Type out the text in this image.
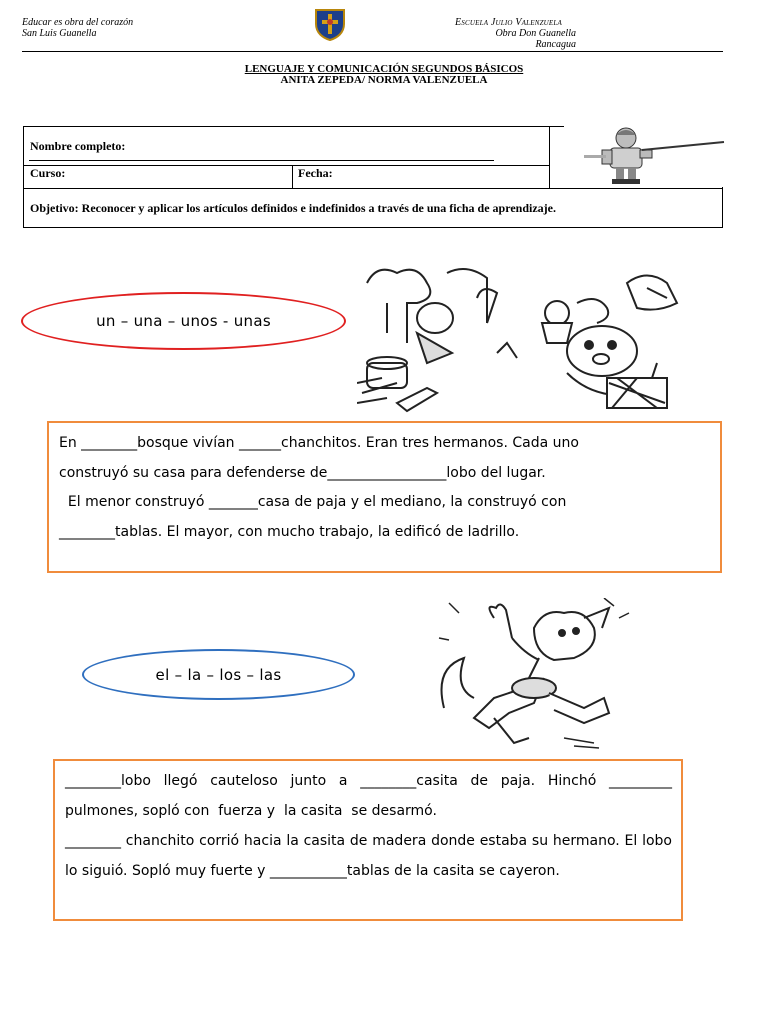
Educar es obra del corazón
San Luis Guanella
Escuela Julio Valenzuela
Obra Don Guanella
Rancagua
LENGUAJE Y COMUNICACIÓN SEGUNDOS BÁSICOS
ANITA ZEPEDA/ NORMA VALENZUELA
Nombre completo:
Curso:	Fecha:
Objetivo: Reconocer y aplicar los artículos definidos e indefinidos a través de una ficha de aprendizaje.
un – una – unos - unas

En ________bosque vivían ______chanchitos. Eran tres hermanos. Cada uno
construyó su casa para defenderse de_________________lobo del lugar.
El menor construyó _______casa de paja y el mediano, la construyó con
________tablas. El mayor, con mucho trabajo, la edificó de ladrillo.

el – la – los – las

________lobo llegó cauteloso junto a ________casita de paja. Hinchó _________ pulmones, sopló con  fuerza y  la casita  se desarmó.
________ chanchito corrió hacia la casita de madera donde estaba su hermano. El lobo lo siguió. Sopló muy fuerte y ___________tablas de la casita se cayeron.
